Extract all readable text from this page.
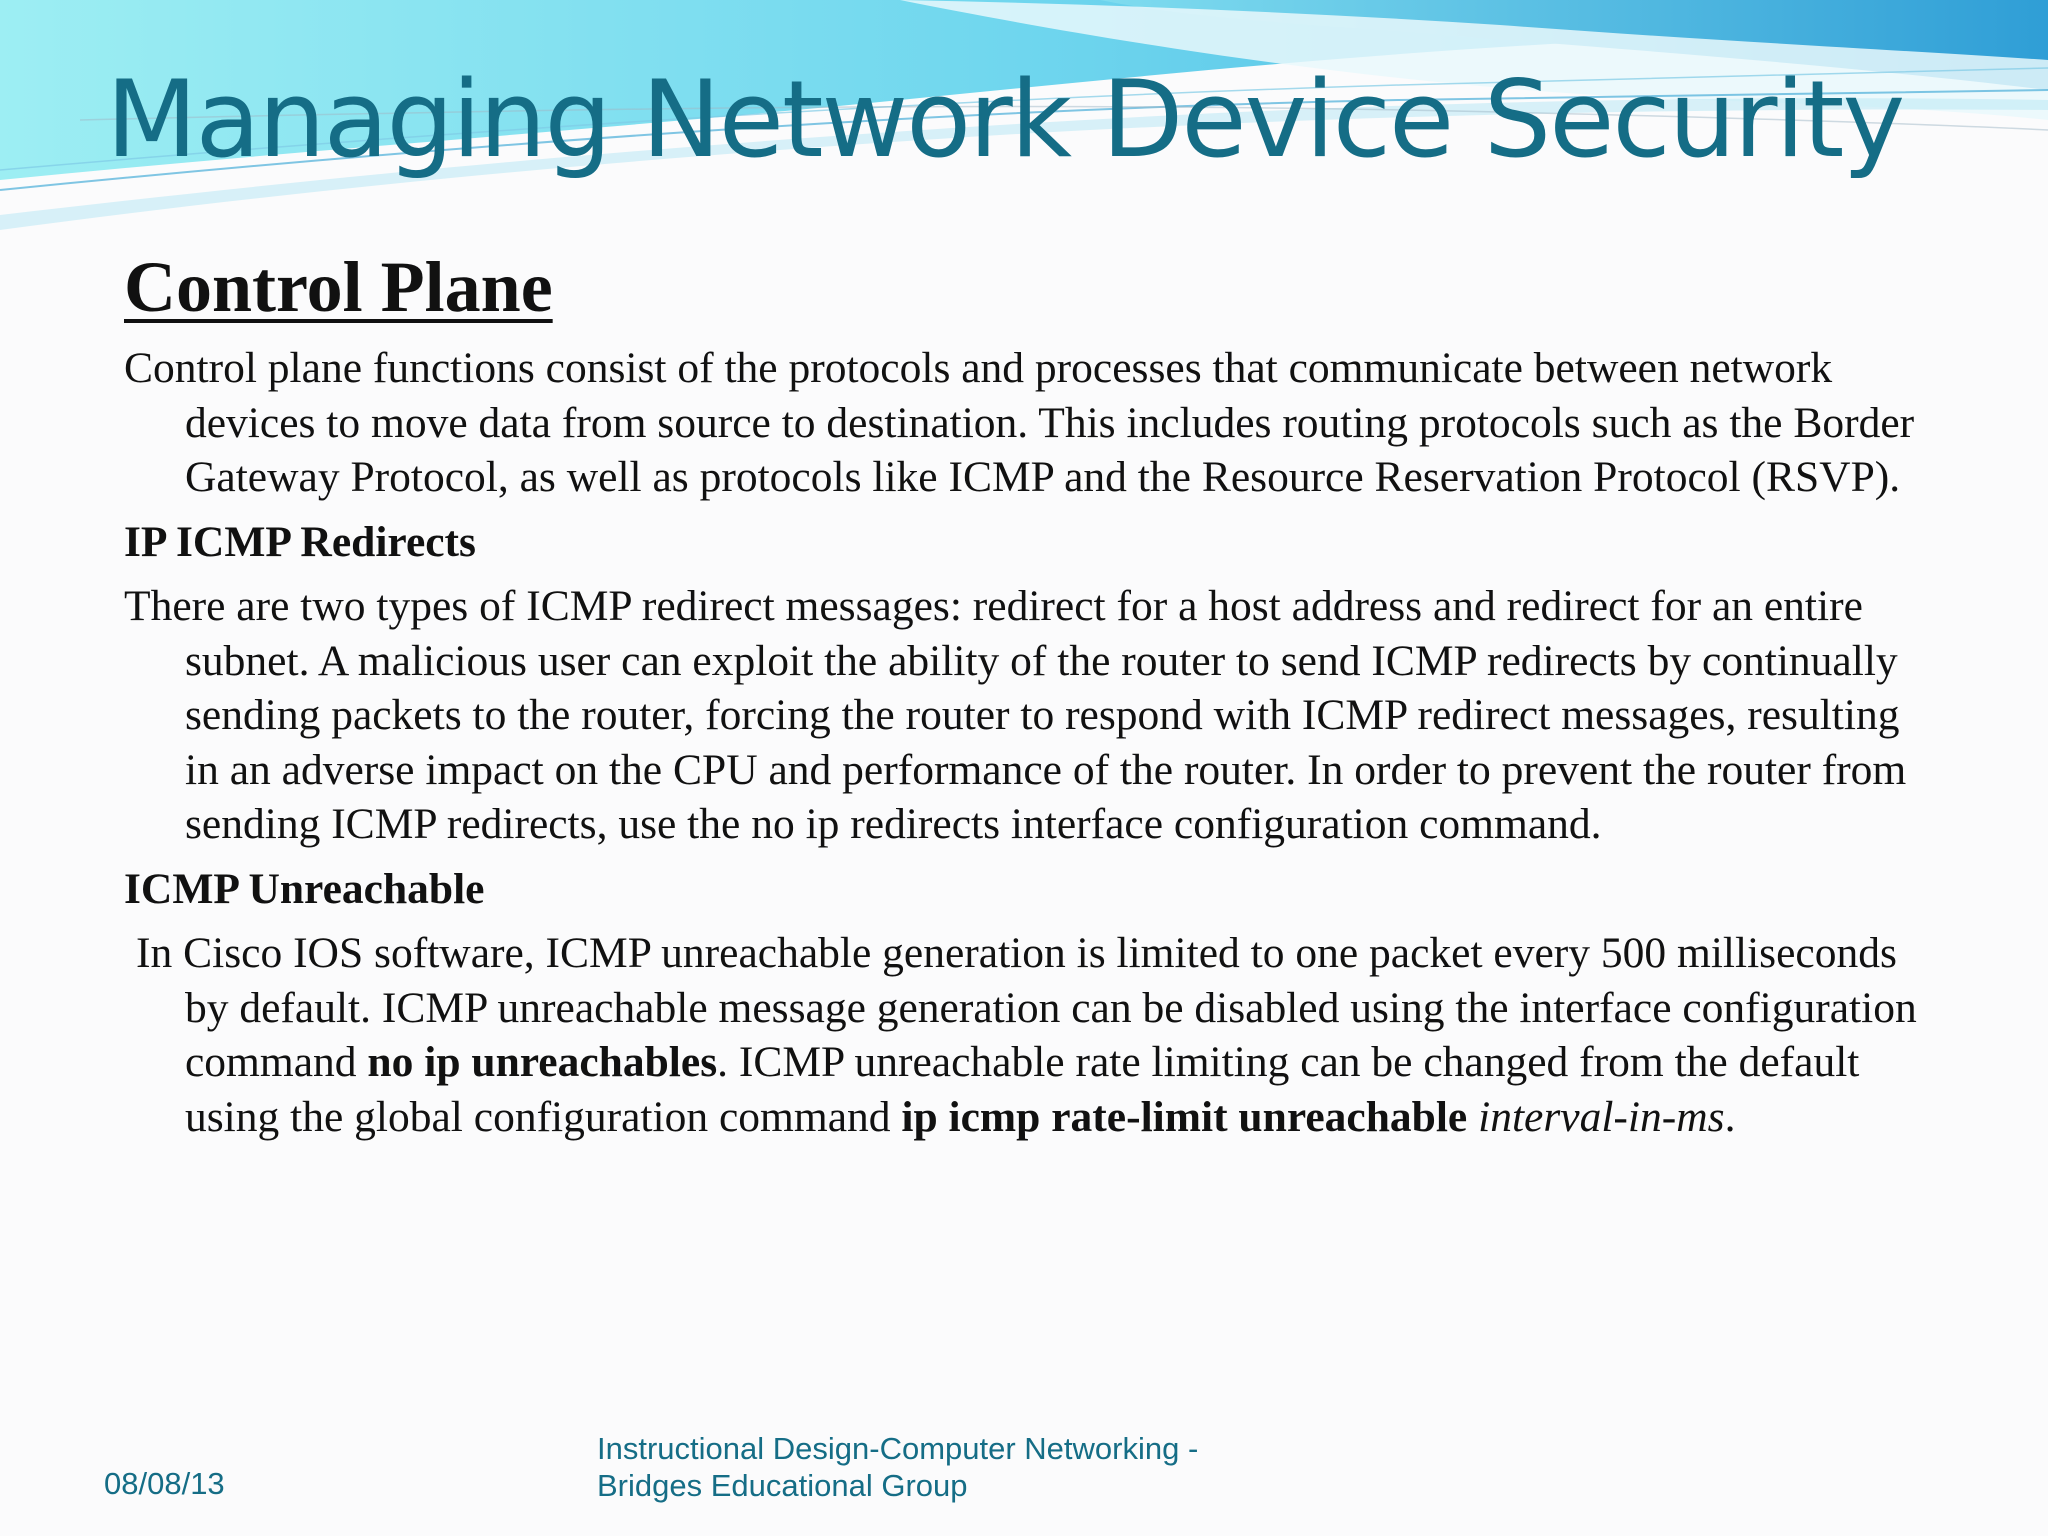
Managing Network Device Security
Control Plane

Control plane functions consist of the protocols and processes that communicate between network devices to move data from source to destination. This includes routing protocols such as the Border Gateway Protocol, as well as protocols like ICMP and the Resource Reservation Protocol (RSVP).

IP ICMP Redirects

There are two types of ICMP redirect messages: redirect for a host address and redirect for an entire subnet. A malicious user can exploit the ability of the router to send ICMP redirects by continually sending packets to the router, forcing the router to respond with ICMP redirect messages, resulting in an adverse impact on the CPU and performance of the router. In order to prevent the router from sending ICMP redirects, use the no ip redirects interface configuration command.

ICMP Unreachable

In Cisco IOS software, ICMP unreachable generation is limited to one packet every 500 milliseconds by default. ICMP unreachable message generation can be disabled using the interface configuration command no ip unreachables. ICMP unreachable rate limiting can be changed from the default using the global configuration command ip icmp rate-limit unreachable interval-in-ms.

08/08/13
Instructional Design-Computer Networking -
Bridges Educational Group
